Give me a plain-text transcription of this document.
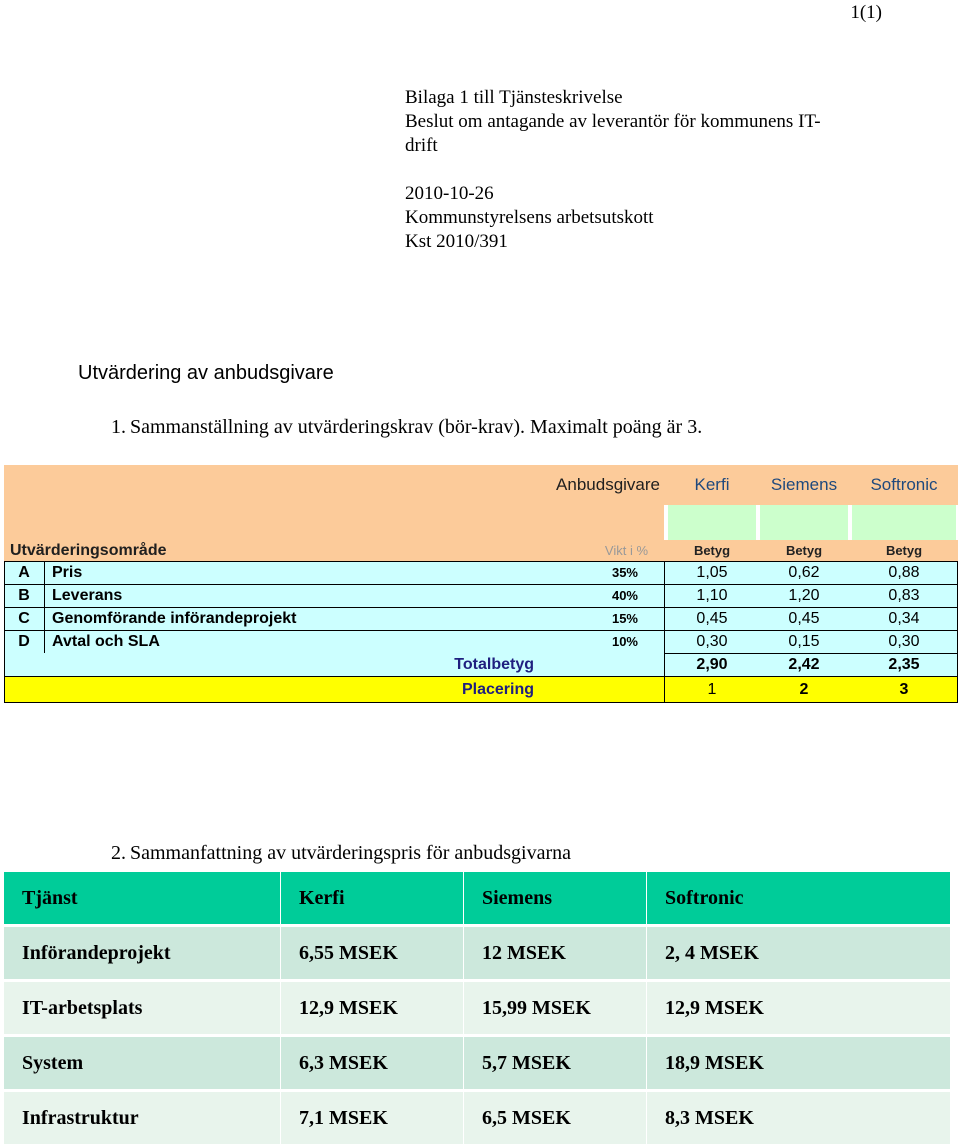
1(1)
Bilaga 1 till Tjänsteskrivelse
Beslut om antagande av leverantör för kommunens IT-
drift
2010-10-26
Kommunstyrelsens arbetsutskott
Kst 2010/391
Utvärdering av anbudsgivare
1. Sammanställning av utvärderingskrav (bör-krav). Maximalt poäng är 3.
Anbudsgivare	Kerfi	Siemens	Softronic
Utvärderingsområde	Vikt i %	Betyg	Betyg	Betyg
A	Pris	35%	1,05	0,62	0,88
B	Leverans	40%	1,10	1,20	0,83
C	Genomförande införandeprojekt	15%	0,45	0,45	0,34
D	Avtal och SLA	10%	0,30	0,15	0,30
Totalbetyg	2,90	2,42	2,35
Placering	1	2	3
2. Sammanfattning av utvärderingspris för anbudsgivarna
Tjänst	Kerfi	Siemens	Softronic
Införandeprojekt	6,55 MSEK	12 MSEK	2, 4 MSEK
IT-arbetsplats	12,9 MSEK	15,99 MSEK	12,9 MSEK
System	6,3 MSEK	5,7 MSEK	18,9 MSEK
Infrastruktur	7,1 MSEK	6,5 MSEK	8,3 MSEK
